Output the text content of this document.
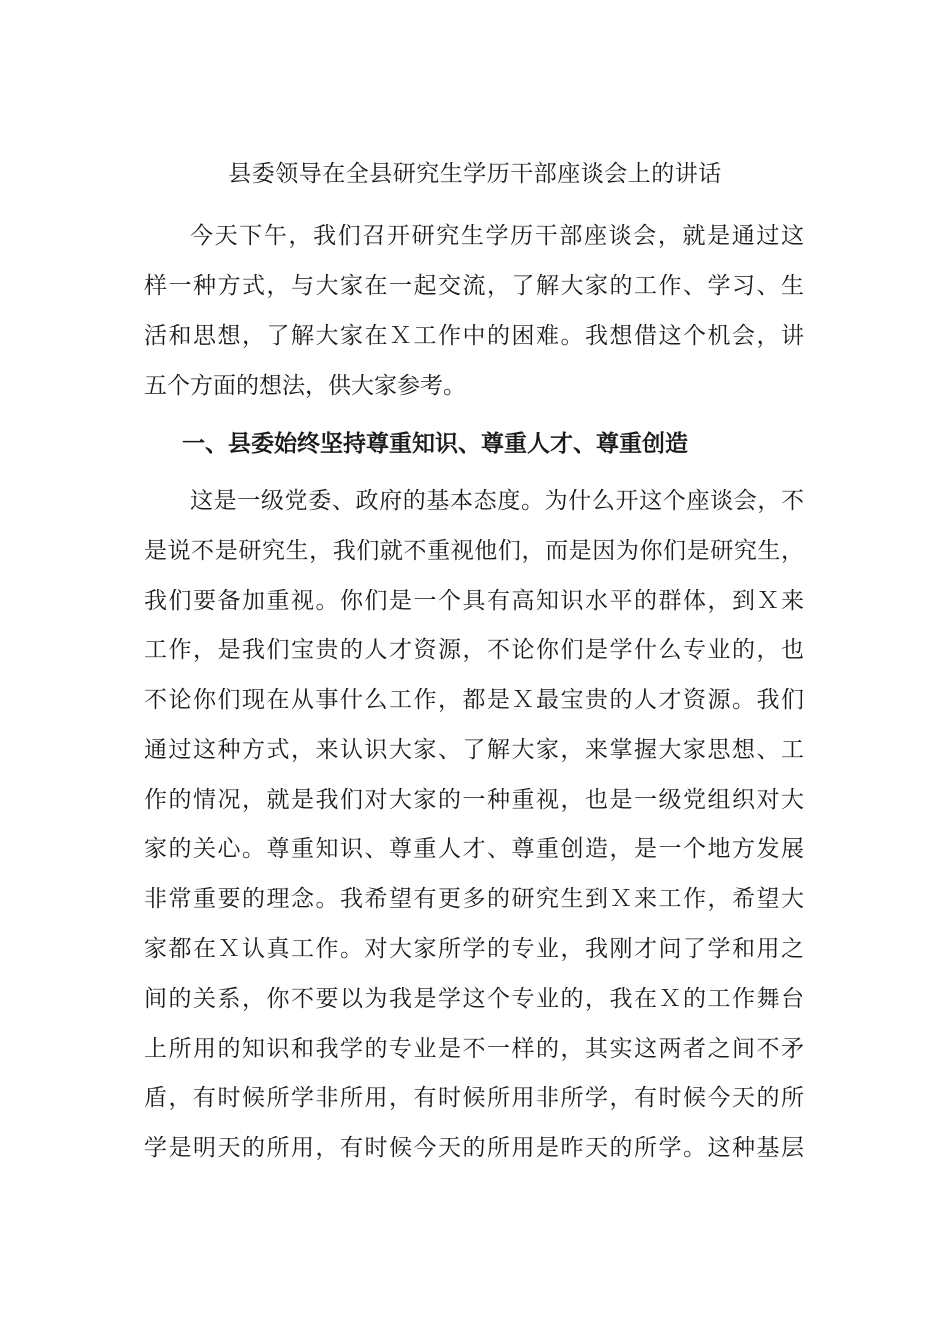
县委领导在全县研究生学历干部座谈会上的讲话
今天下午，我们召开研究生学历干部座谈会，就是通过这
样一种方式，与大家在一起交流，了解大家的工作、学习、生
活和思想，了解大家在Ｘ工作中的困难。我想借这个机会，讲
五个方面的想法，供大家参考。
一、县委始终坚持尊重知识、尊重人才、尊重创造
这是一级党委、政府的基本态度。为什么开这个座谈会，不
是说不是研究生，我们就不重视他们，而是因为你们是研究生，
我们要备加重视。你们是一个具有高知识水平的群体，到Ｘ来
工作，是我们宝贵的人才资源，不论你们是学什么专业的，也
不论你们现在从事什么工作，都是Ｘ最宝贵的人才资源。我们
通过这种方式，来认识大家、了解大家，来掌握大家思想、工
作的情况，就是我们对大家的一种重视，也是一级党组织对大
家的关心。尊重知识、尊重人才、尊重创造，是一个地方发展
非常重要的理念。我希望有更多的研究生到Ｘ来工作，希望大
家都在Ｘ认真工作。对大家所学的专业，我刚才问了学和用之
间的关系，你不要以为我是学这个专业的，我在Ｘ的工作舞台
上所用的知识和我学的专业是不一样的，其实这两者之间不矛
盾，有时候所学非所用，有时候所用非所学，有时候今天的所
学是明天的所用，有时候今天的所用是昨天的所学。这种基层
